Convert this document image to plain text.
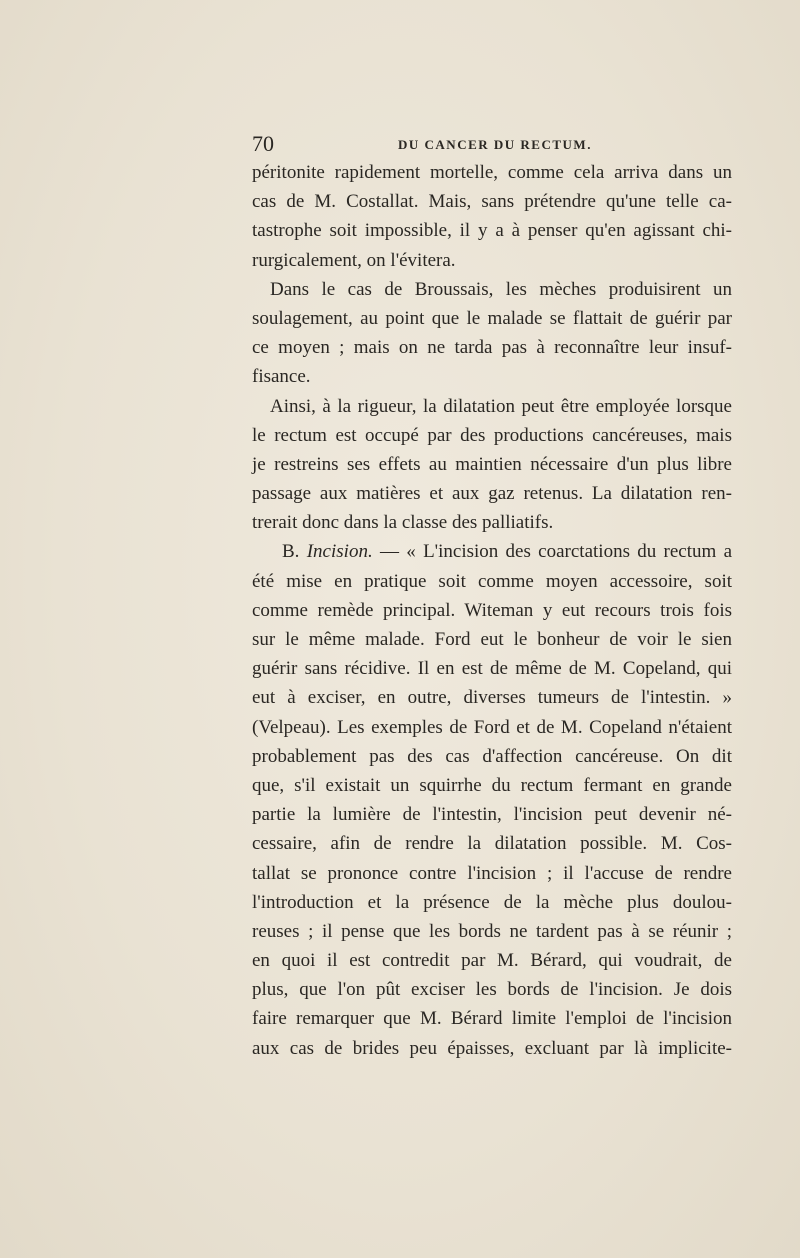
70	DU CANCER DU RECTUM.
péritonite rapidement mortelle, comme cela arriva dans un
cas de M. Costallat. Mais, sans prétendre qu'une telle ca-
tastrophe soit impossible, il y a à penser qu'en agissant chi-
rurgicalement, on l'évitera.
Dans le cas de Broussais, les mèches produisirent un
soulagement, au point que le malade se flattait de guérir par
ce moyen ; mais on ne tarda pas à reconnaître leur insuf-
fisance.
Ainsi, à la rigueur, la dilatation peut être employée lorsque
le rectum est occupé par des productions cancéreuses, mais
je restreins ses effets au maintien nécessaire d'un plus libre
passage aux matières et aux gaz retenus. La dilatation ren-
trerait donc dans la classe des palliatifs.
B. Incision. — « L'incision des coarctations du rectum a
été mise en pratique soit comme moyen accessoire, soit
comme remède principal. Witeman y eut recours trois fois
sur le même malade. Ford eut le bonheur de voir le sien
guérir sans récidive. Il en est de même de M. Copeland, qui
eut à exciser, en outre, diverses tumeurs de l'intestin. »
(Velpeau). Les exemples de Ford et de M. Copeland n'étaient
probablement pas des cas d'affection cancéreuse. On dit
que, s'il existait un squirrhe du rectum fermant en grande
partie la lumière de l'intestin, l'incision peut devenir né-
cessaire, afin de rendre la dilatation possible. M. Cos-
tallat se prononce contre l'incision ; il l'accuse de rendre
l'introduction et la présence de la mèche plus doulou-
reuses ; il pense que les bords ne tardent pas à se réunir ;
en quoi il est contredit par M. Bérard, qui voudrait, de
plus, que l'on pût exciser les bords de l'incision. Je dois
faire remarquer que M. Bérard limite l'emploi de l'incision
aux cas de brides peu épaisses, excluant par là implicite-
